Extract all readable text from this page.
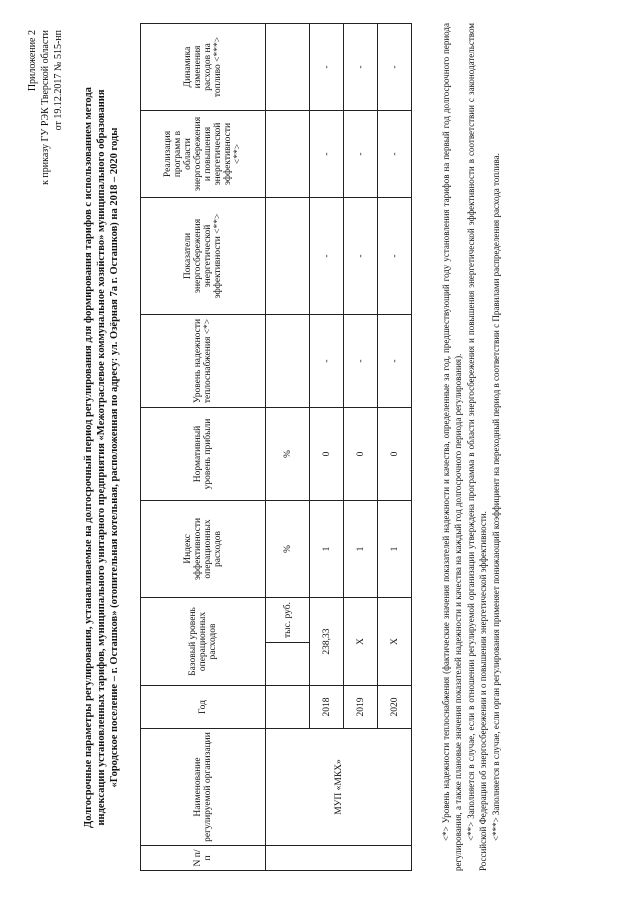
Приложение 2 к приказу ГУ РЭК Тверской области от 19.12.2017 № 515-нп
Долгосрочные параметры регулирования, устанавливаемые на долгосрочный период регулирования для формирования тарифов с использованием метода индексации установленных тарифов, муниципального унитарного предприятия «Межотраслевое коммунальное хозяйство» муниципального образования «Городское поселение – г. Осташков» (отопительная котельная, расположенная по адресу: ул. Озёрная 7а г. Осташков) на 2018 – 2020 годы
N п/п	Наименование регулируемой организации	Год	Базовый уровень операционных расходов		Индекс эффективности операционных расходов	Нормативный уровень прибыли	Уровень надежности теплоснабжения <*>	Показатели энергосбережения энергетической эффективности <**>	Реализация программ в области энергосбережения и повышения энергетической эффективности <**>	Динамика изменения расходов на топливо <***>
	МУП «МКХ»			тыс. руб.	%	%				
		2018	238,33		1	0	-	-	-	-
		2019	Х		1	0	-	-	-	-
		2020	Х		1	0	-	-	-	-	<*> Уровень надежности теплоснабжения (фактические значения показателей надежности и качества, определенные за год, предшествующий году установления тарифов на первый год долгосрочного периода регулирования, а также плановые значения показателей надежности и качества на каждый год долгосрочного периода регулирования). <**> Заполняется в случае, если в отношении регулируемой организации утверждена программа в области энергосбережения и повышения энергетической эффективности в соответствии с законодательством Российской Федерации об энергосбережении и о повышении энергетической эффективности. <***> Заполняется в случае, если орган регулирования применяет понижающий коэффициент на переходный период в соответствии с Правилами распределения расхода топлива.
